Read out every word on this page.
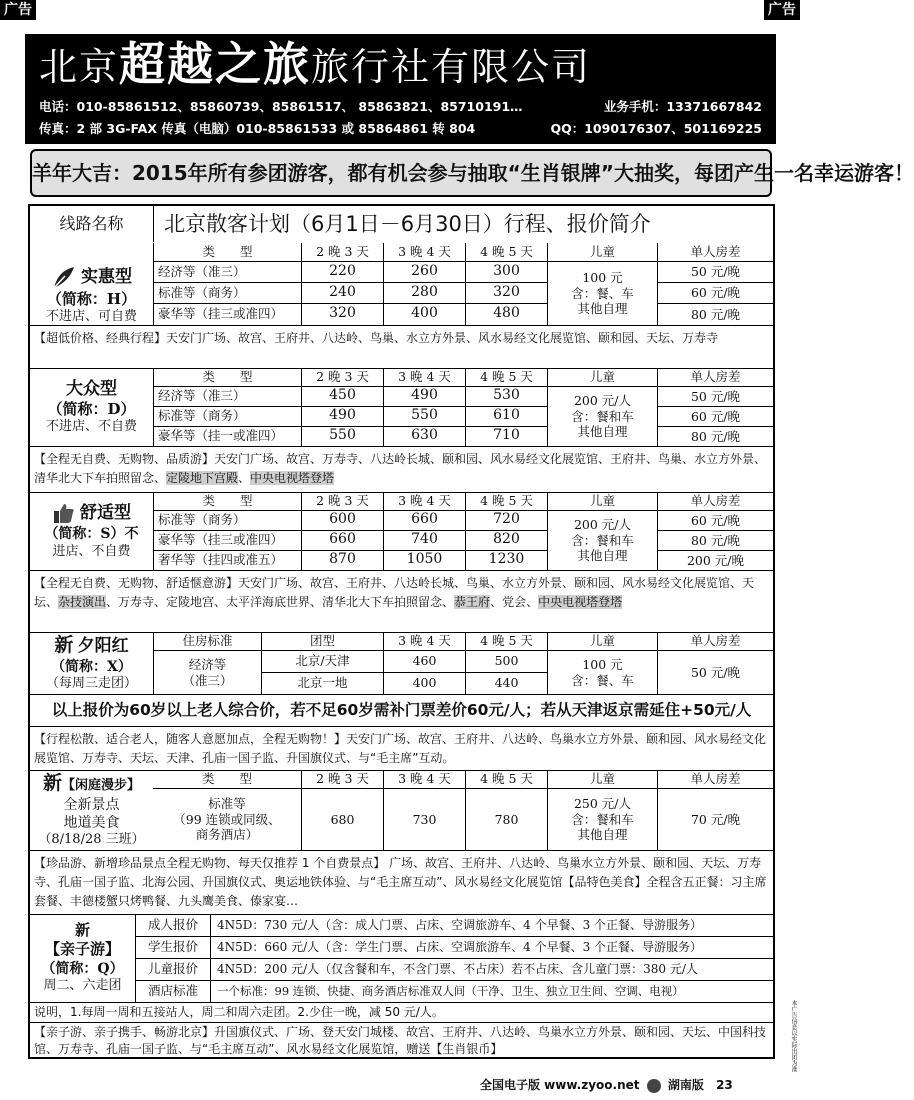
广告	广告
北京超越之旅旅行社有限公司
电话：010-85861512、85860739、85861517、 85863821、85710191…	业务手机：13371667842
传真：2 部 3G-FAX 传真（电脑）010-85861533 或 85864861 转 804	QQ：1090176307、501169225
羊年大吉：2015年所有参团游客，都有机会参与抽取“生肖银牌”大抽奖，每团产生一名幸运游客！
线路名称	北京散客计划（6月1日－6月30日）行程、报价简介
实惠型
（简称：H）
不进店、可自费
类　　型	2 晚 3 天	3 晚 4 天	4 晚 5 天	儿童	单人房差
经济等（准三）	220	260	300	50 元/晚
标准等（商务）	240	280	320	60 元/晚
豪华等（挂三或准四）	320	400	480	80 元/晚
100 元
含：餐、车
其他自理
【超低价格、经典行程】天安门广场、故宫、王府井、八达岭、鸟巢、水立方外景、风水易经文化展览馆、颐和园、天坛、万寿寺
大众型
（简称：D）
不进店、不自费
类　　型	2 晚 3 天	3 晚 4 天	4 晚 5 天	儿童	单人房差
经济等（准三）	450	490	530	50 元/晚
标准等（商务）	490	550	610	60 元/晚
豪华等（挂一或准四）	550	630	710	80 元/晚
200 元/人
含：餐和车
其他自理
【全程无自费、无购物、品质游】天安门广场、故宫、万寿寺、八达岭长城、颐和园、风水易经文化展览馆、王府井、鸟巢、水立方外景、清华北大下车拍照留念、定陵地下宫殿、中央电视塔登塔
舒适型
（简称：S）不
进店、不自费
类　　型	2 晚 3 天	3 晚 4 天	4 晚 5 天	儿童	单人房差
标准等（商务）	600	660	720	60 元/晚
豪华等（挂三或准四）	660	740	820	80 元/晚
奢华等（挂四或准五）	870	1050	1230	200 元/晚
200 元/人
含：餐和车
其他自理
【全程无自费、无购物、舒适惬意游】天安门广场、故宫、王府井、八达岭长城、鸟巢、水立方外景、颐和园、风水易经文化展览馆、天坛、杂技演出、万寿寺、定陵地宫、太平洋海底世界、清华北大下车拍照留念、恭王府、党会、中央电视塔登塔
新 夕阳红
（简称：X）
（每周三走团）
住房标准	团型	3 晚 4 天	4 晚 5 天	儿童	单人房差
经济等
（准三）
北京/天津	460	500
北京一地	400	440
100 元
含：餐、车
50 元/晚
以上报价为60岁以上老人综合价，若不足60岁需补门票差价60元/人；若从天津返京需延住+50元/人
【行程松散、适合老人，随客人意愿加点，全程无购物！】天安门广场、故宫、王府井、八达岭、鸟巢水立方外景、颐和园、风水易经文化展览馆、万寿寺、天坛、天津、孔庙一国子监、升国旗仪式、与“毛主席”互动。
新【闲庭漫步】
全新景点
地道美食
（8/18/28 三班）
类　　型	2 晚 3 天	3 晚 4 天	4 晚 5 天	儿童	单人房差
标准等
（99 连锁或同级、
商务酒店）
680	730	780
250 元/人
含：餐和车
其他自理
70 元/晚
【珍品游、新增珍品景点全程无购物、每天仅推荐 1 个自费景点】 广场、故宫、王府井、八达岭、鸟巢水立方外景、颐和园、天坛、万寿寺、孔庙一国子监、北海公园、升国旗仪式、奥运地铁体验、与“毛主席互动”、风水易经文化展览馆【品特色美食】全程含五正餐：习主席套餐、丰德楼蟹只烤鸭餐、九头鹰美食、傣家宴…
新
【亲子游】
（简称：Q）
周二、六走团
成人报价	4N5D：730 元/人（含：成人门票、占床、空调旅游车、4 个早餐、3 个正餐、导游服务）
学生报价	4N5D：660 元/人（含：学生门票、占床、空调旅游车、4 个早餐、3 个正餐、导游服务）
儿童报价	4N5D：200 元/人（仅含餐和车，不含门票、不占床）若不占床、含儿童门票：380 元/人
酒店标准	一个标准：99 连锁、快捷、商务酒店标准双人间（干净、卫生、独立卫生间、空调、电视）
说明，1.每周一周和五接站人，周二和周六走团。2.少住一晚，减 50 元/人。
【亲子游、亲子携手、畅游北京】升国旗仪式、广场、登天安门城楼、故宫、王府井、八达岭、鸟巢水立方外景、颐和园、天坛、中国科技馆、万寿寺、孔庙一国子监、与“毛主席互动”、风水易经文化展览馆，赠送【生肖银币】
全国电子版 www.zyoo.net 湖南版 23
本广告信息以实际出团为准
